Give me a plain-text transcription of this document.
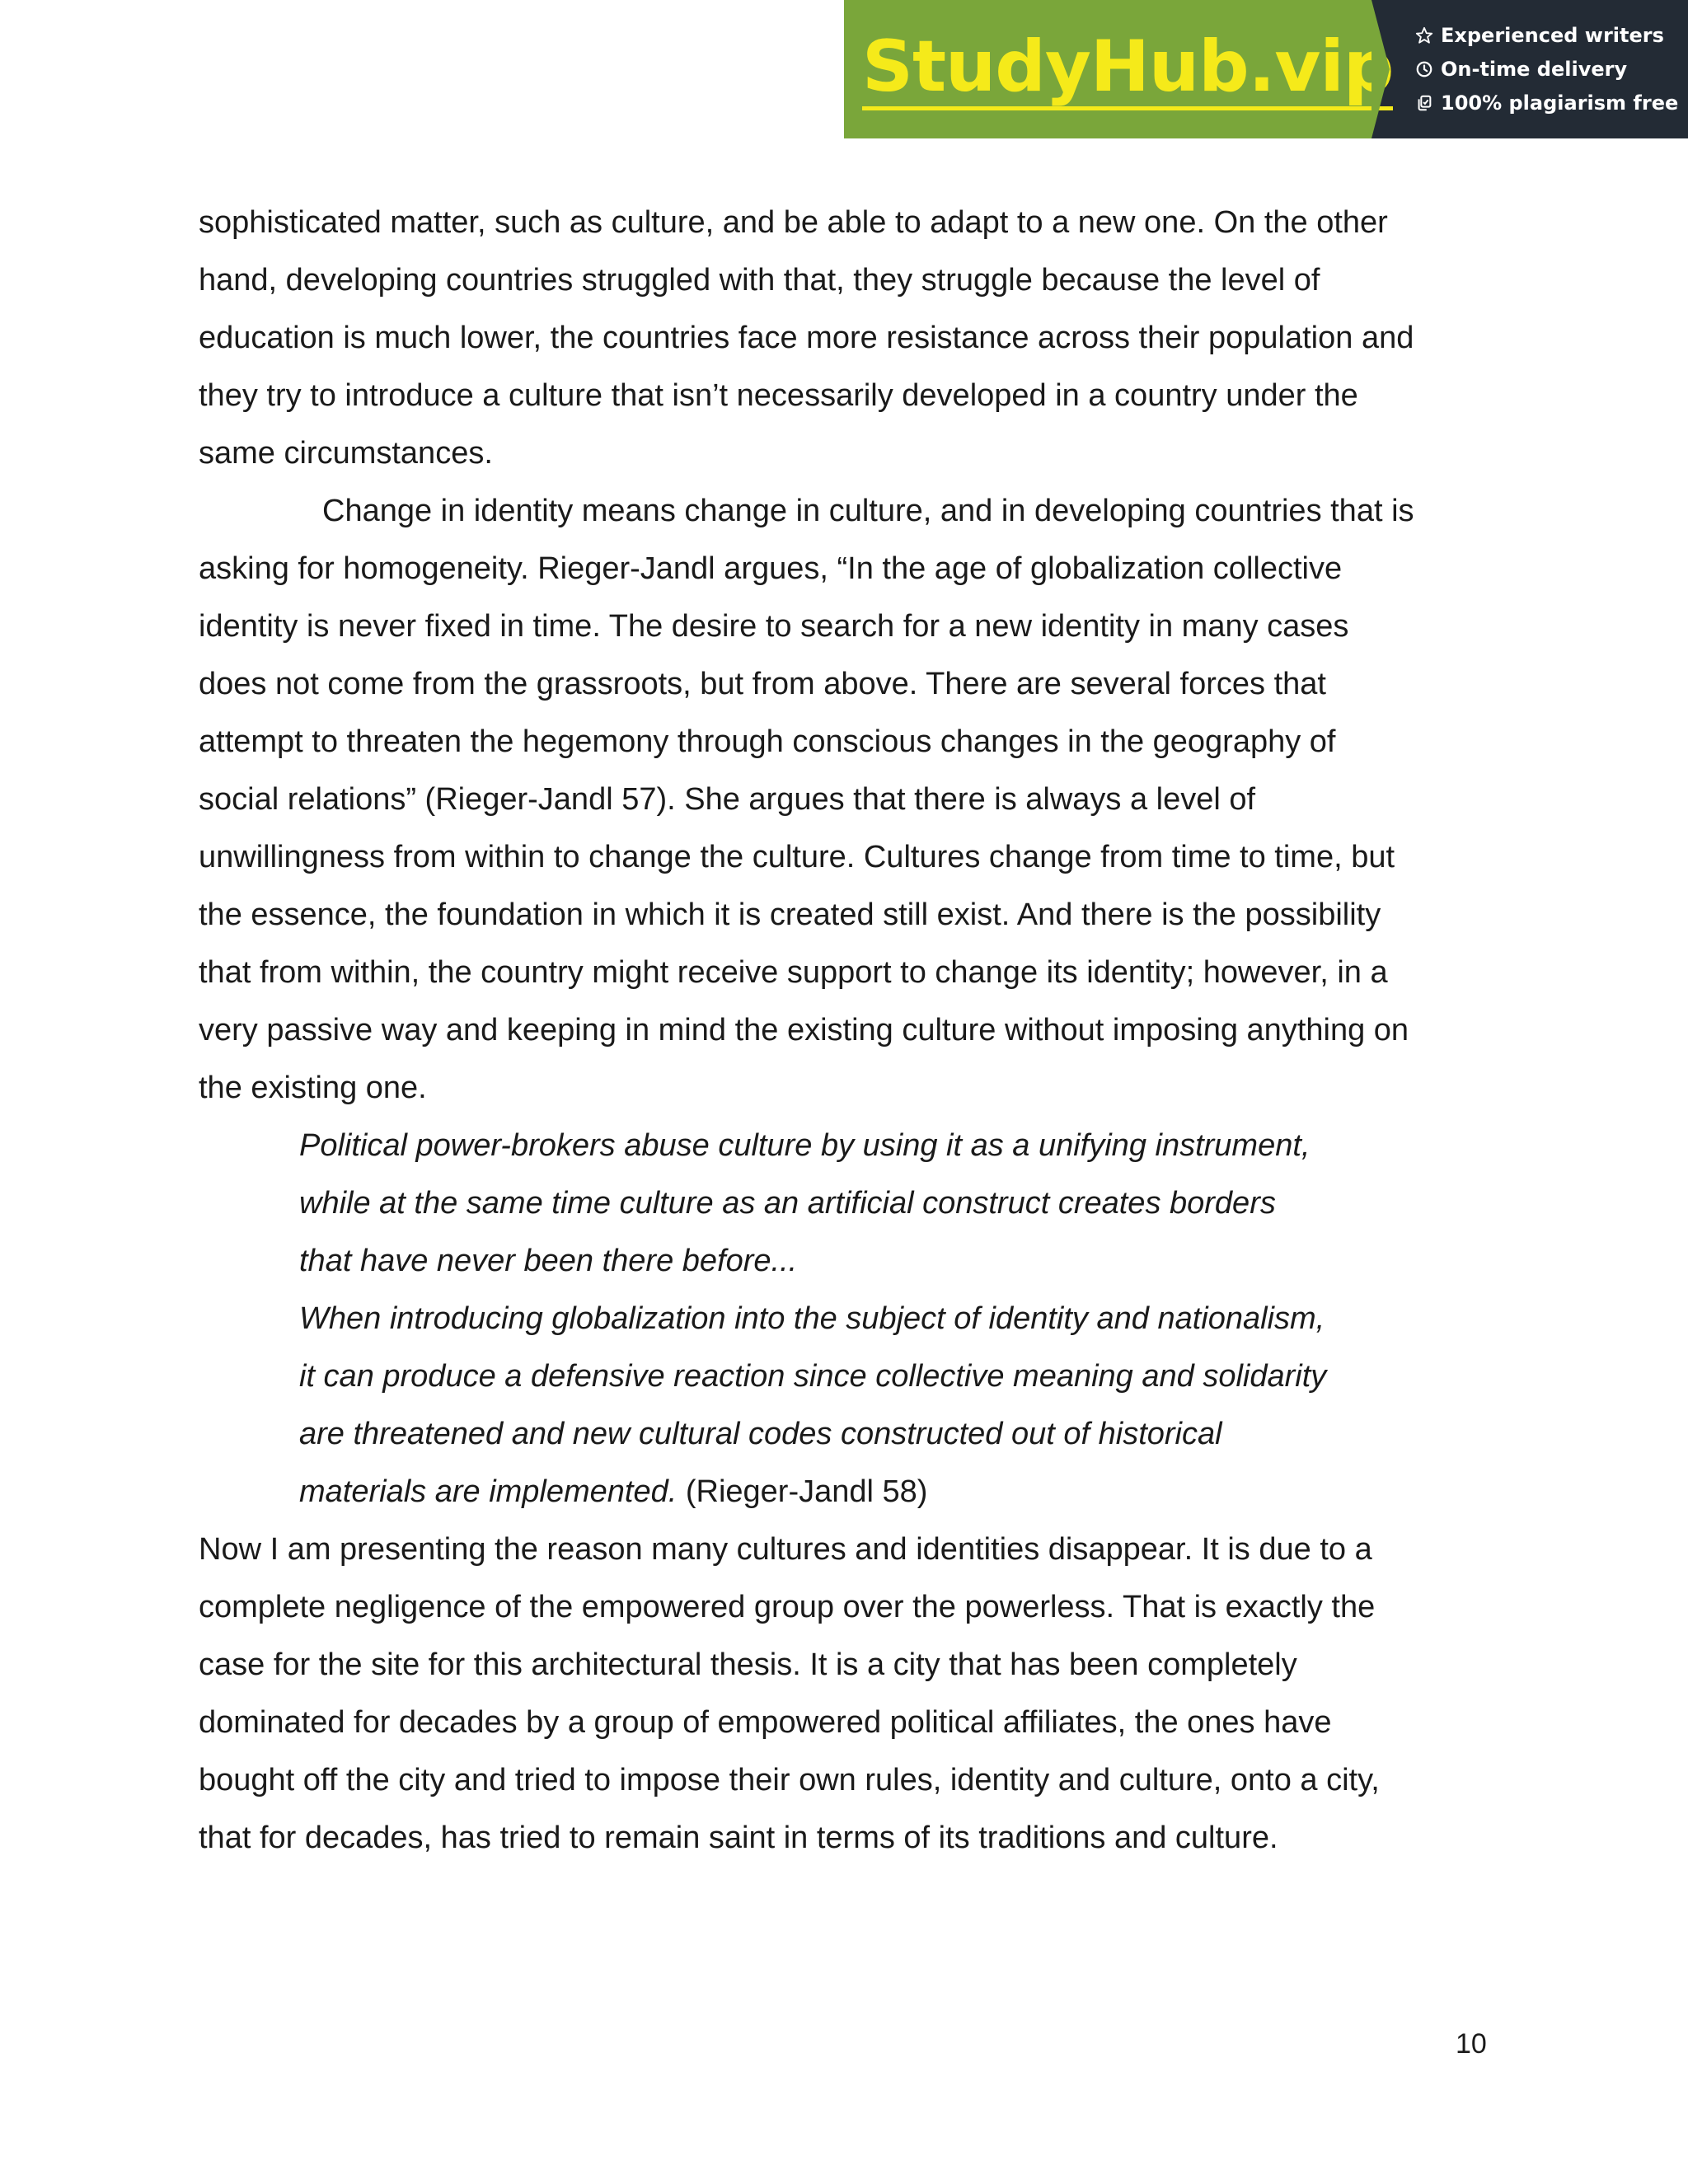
StudyHub.vip Experienced writers
On-time delivery
100% plagiarism free
sophisticated matter, such as culture, and be able to adapt to a new one. On the other
hand, developing countries struggled with that, they struggle because the level of
education is much lower, the countries face more resistance across their population and
they try to introduce a culture that isn’t necessarily developed in a country under the
same circumstances.
Change in identity means change in culture, and in developing countries that is
asking for homogeneity. Rieger-Jandl argues, “In the age of globalization collective
identity is never fixed in time. The desire to search for a new identity in many cases
does not come from the grassroots, but from above. There are several forces that
attempt to threaten the hegemony through conscious changes in the geography of
social relations” (Rieger-Jandl 57). She argues that there is always a level of
unwillingness from within to change the culture. Cultures change from time to time, but
the essence, the foundation in which it is created still exist. And there is the possibility
that from within, the country might receive support to change its identity; however, in a
very passive way and keeping in mind the existing culture without imposing anything on
the existing one.
Political power-brokers abuse culture by using it as a unifying instrument,
while at the same time culture as an artificial construct creates borders
that have never been there before...
When introducing globalization into the subject of identity and nationalism,
it can produce a defensive reaction since collective meaning and solidarity
are threatened and new cultural codes constructed out of historical
materials are implemented. (Rieger-Jandl 58)
Now I am presenting the reason many cultures and identities disappear. It is due to a
complete negligence of the empowered group over the powerless. That is exactly the
case for the site for this architectural thesis. It is a city that has been completely
dominated for decades by a group of empowered political affiliates, the ones have
bought off the city and tried to impose their own rules, identity and culture, onto a city,
that for decades, has tried to remain saint in terms of its traditions and culture.
10
